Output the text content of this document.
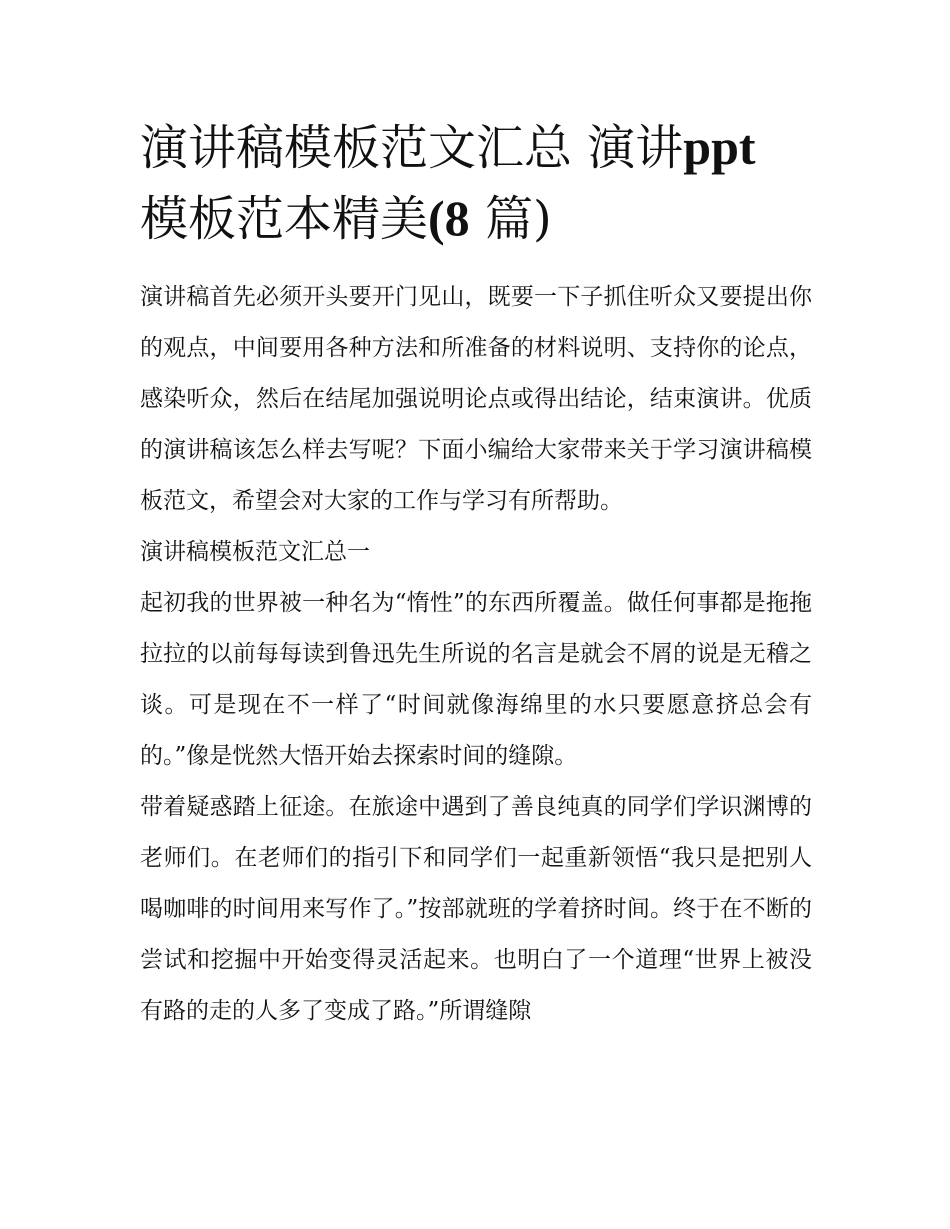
演讲稿模板范文汇总 演讲ppt
模板范本精美(8 篇)

演讲稿首先必须开头要开门见山，既要一下子抓住听众又要提出你的观点，中间要用各种方法和所准备的材料说明、支持你的论点，感染听众，然后在结尾加强说明论点或得出结论，结束演讲。优质的演讲稿该怎么样去写呢？下面小编给大家带来关于学习演讲稿模板范文，希望会对大家的工作与学习有所帮助。

演讲稿模板范文汇总一

起初我的世界被一种名为“惰性”的东西所覆盖。做任何事都是拖拖拉拉的以前每每读到鲁迅先生所说的名言是就会不屑的说是无稽之谈。可是现在不一样了“时间就像海绵里的水只要愿意挤总会有的。”像是恍然大悟开始去探索时间的缝隙。

带着疑惑踏上征途。在旅途中遇到了善良纯真的同学们学识渊博的老师们。在老师们的指引下和同学们一起重新领悟“我只是把别人喝咖啡的时间用来写作了。”按部就班的学着挤时间。终于在不断的尝试和挖掘中开始变得灵活起来。也明白了一个道理“世界上被没有路的走的人多了变成了路。”所谓缝隙
